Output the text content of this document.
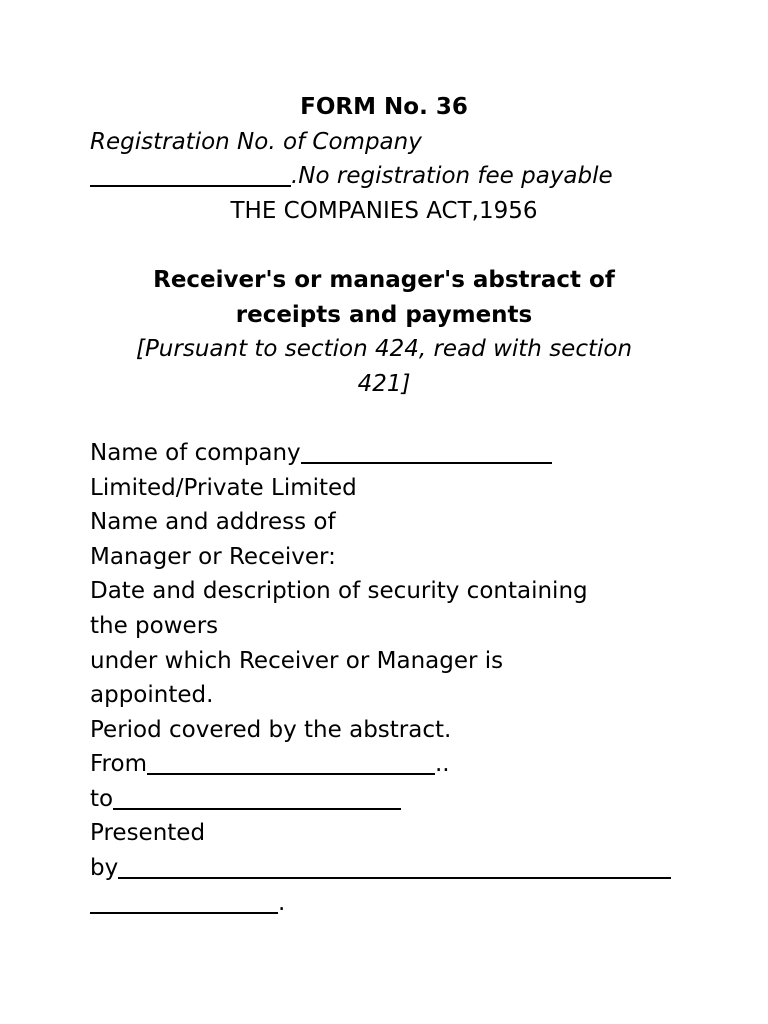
FORM No. 36
Registration No. of Company
.No registration fee payable
THE COMPANIES ACT,1956
Receiver's or manager's abstract of
receipts and payments
[Pursuant to section 424, read with section
421]
Name of company
Limited/Private Limited
Name and address of
Manager or Receiver:
Date and description of security containing
the powers
under which Receiver or Manager is
appointed.
Period covered by the abstract.
From	..
to
Presented
by
.
